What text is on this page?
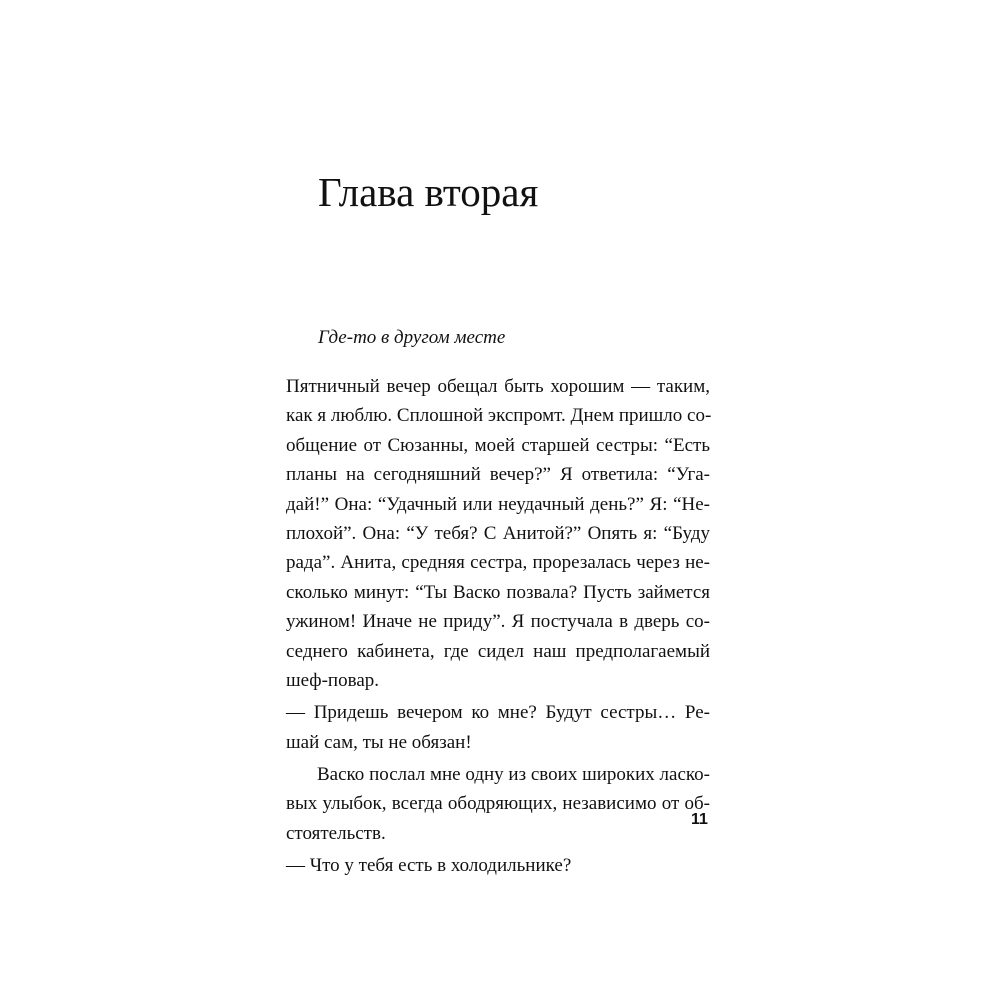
Глава вторая
Где-то в другом месте
Пятничный вечер обещал быть хорошим — таким,
как я люблю. Сплошной экспромт. Днем пришло со-
общение от Сюзанны, моей старшей сестры: “Есть
планы на сегодняшний вечер?” Я ответила: “Уга-
дай!” Она: “Удачный или неудачный день?” Я: “Не-
плохой”. Она: “У тебя? С Анитой?” Опять я: “Буду
рада”. Анита, средняя сестра, прорезалась через не-
сколько минут: “Ты Васко позвала? Пусть займется
ужином! Иначе не приду”. Я постучала в дверь со-
седнего кабинета, где сидел наш предполагаемый
шеф-повар.
— Придешь вечером ко мне? Будут сестры… Ре-
шай сам, ты не обязан!
Васко послал мне одну из своих широких ласко-
вых улыбок, всегда ободряющих, независимо от об-
стоятельств.
— Что у тебя есть в холодильнике?
11
